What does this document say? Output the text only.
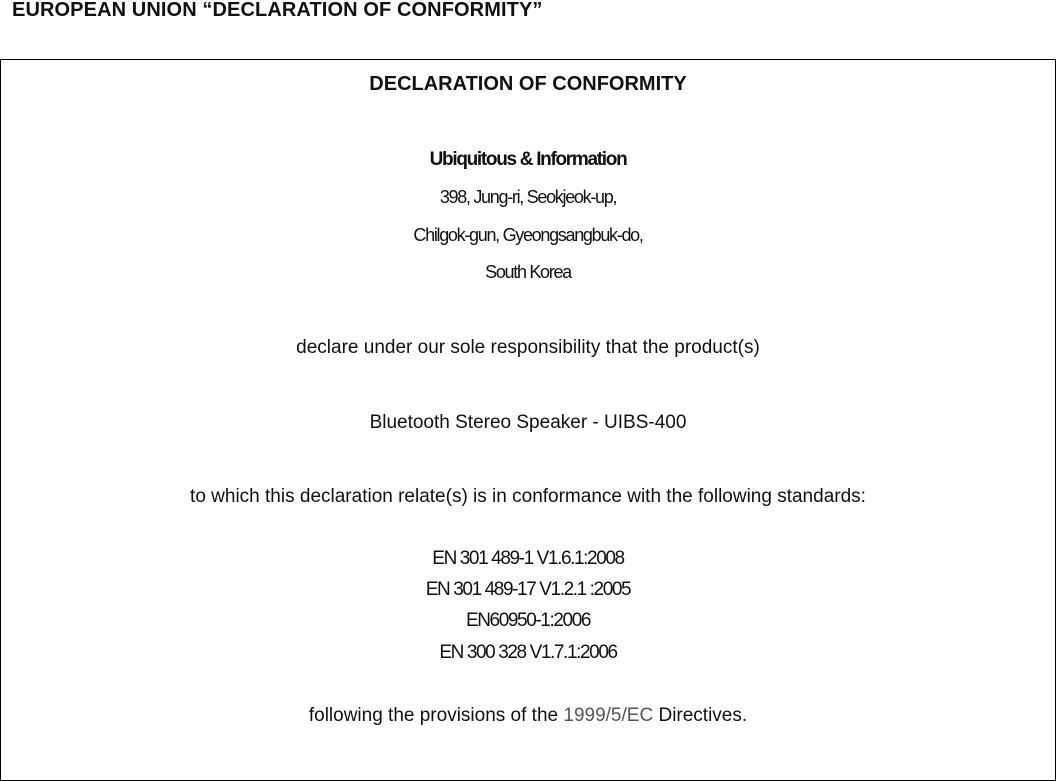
EUROPEAN UNION “DECLARATION OF CONFORMITY”
DECLARATION OF CONFORMITY
Ubiquitous & Information
398, Jung-ri, Seokjeok-up,
Chilgok-gun, Gyeongsangbuk-do,
South Korea
declare under our sole responsibility that the product(s)
Bluetooth Stereo Speaker - UIBS-400
to which this declaration relate(s) is in conformance with the following standards:
EN 301 489-1 V1.6.1:2008
EN 301 489-17 V1.2.1 :2005
EN60950-1:2006
EN 300 328 V1.7.1:2006
following the provisions of the 1999/5/EC Directives.
